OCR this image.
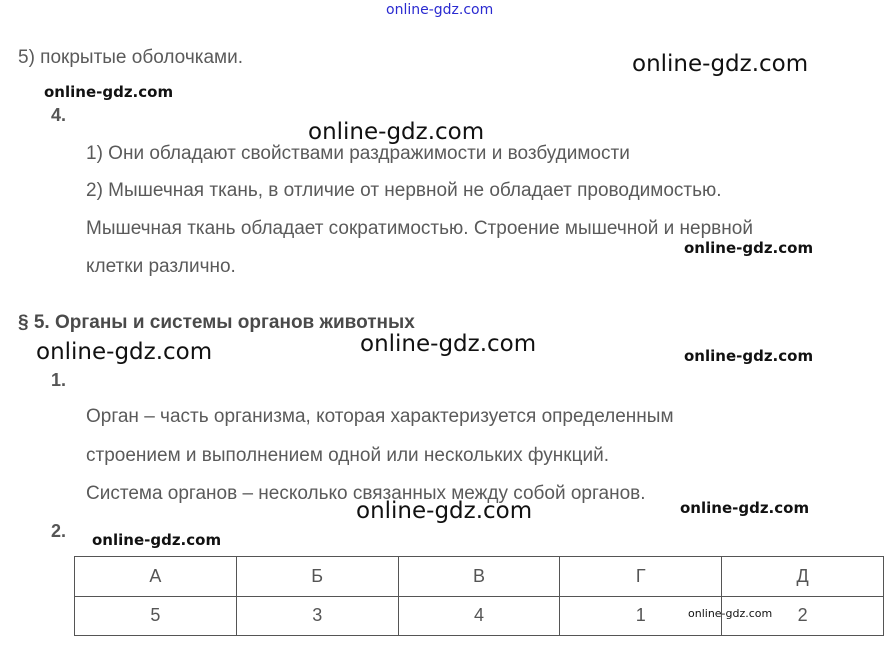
online-gdz.com
5) покрытые оболочками.	online-gdz.com
online-gdz.com
4.
online-gdz.com
1) Они обладают свойствами раздражимости и возбудимости
2) Мышечная ткань, в отличие от нервной не обладает проводимостью.
Мышечная ткань обладает сократимостью. Строение мышечной и нервной
online-gdz.com
клетки различно.
§ 5. Органы и системы органов животных
online-gdz.com	online-gdz.com	online-gdz.com
1.
Орган – часть организма, которая характеризуется определенным
строением и выполнением одной или нескольких функций.
Система органов – несколько связанных между собой органов.
online-gdz.com	online-gdz.com
2. online-gdz.com
А	Б	В	Г	Д
5	3	4	1	2
online-gdz.com
